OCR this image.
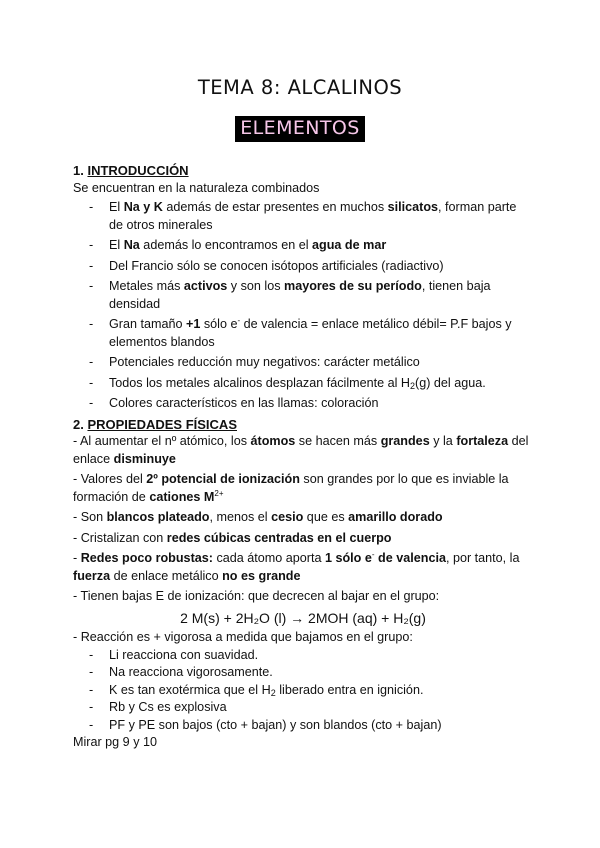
TEMA 8: ALCALINOS
ELEMENTOS

1. INTRODUCCIÓN

Se encuentran en la naturaleza combinados

- El Na y K además de estar presentes en muchos silicatos, forman parte de otros minerales
- El Na además lo encontramos en el agua de mar
- Del Francio sólo se conocen isótopos artificiales (radiactivo)
- Metales más activos y son los mayores de su período, tienen baja densidad
- Gran tamaño +1 sólo e- de valencia = enlace metálico débil= P.F bajos y elementos blandos
- Potenciales reducción muy negativos: carácter metálico
- Todos los metales alcalinos desplazan fácilmente al $H_2(g)$ del agua.
- Colores característicos en las llamas: coloración

2. PROPIEDADES FÍSICAS

- Al aumentar el nº atómico, los átomos se hacen más grandes y la fortaleza del enlace disminuye

- Valores del 2º potencial de ionización son grandes por lo que es inviable la formación de cationes $M^{2+}$

- Son blancos plateado, menos el cesio que es amarillo dorado

- Cristalizan con redes cúbicas centradas en el cuerpo

- Redes poco robustas: cada átomo aporta 1 sólo e- de valencia, por tanto, la fuerza de enlace metálico no es grande

- Tienen bajas E de ionización: que decrecen al bajar en el grupo:

2 M(s) + 2H₂O (l) → 2MOH (aq) + H₂(g)

- Reacción es + vigorosa a medida que bajamos en el grupo:

- Li reacciona con suavidad.
- Na reacciona vigorosamente.
- K es tan exotérmica que el $H_2$ liberado entra en ignición.
- Rb y Cs es explosiva
- PF y PE son bajos (cto + bajan) y son blandos (cto + bajan)

Mirar pg 9 y 10
